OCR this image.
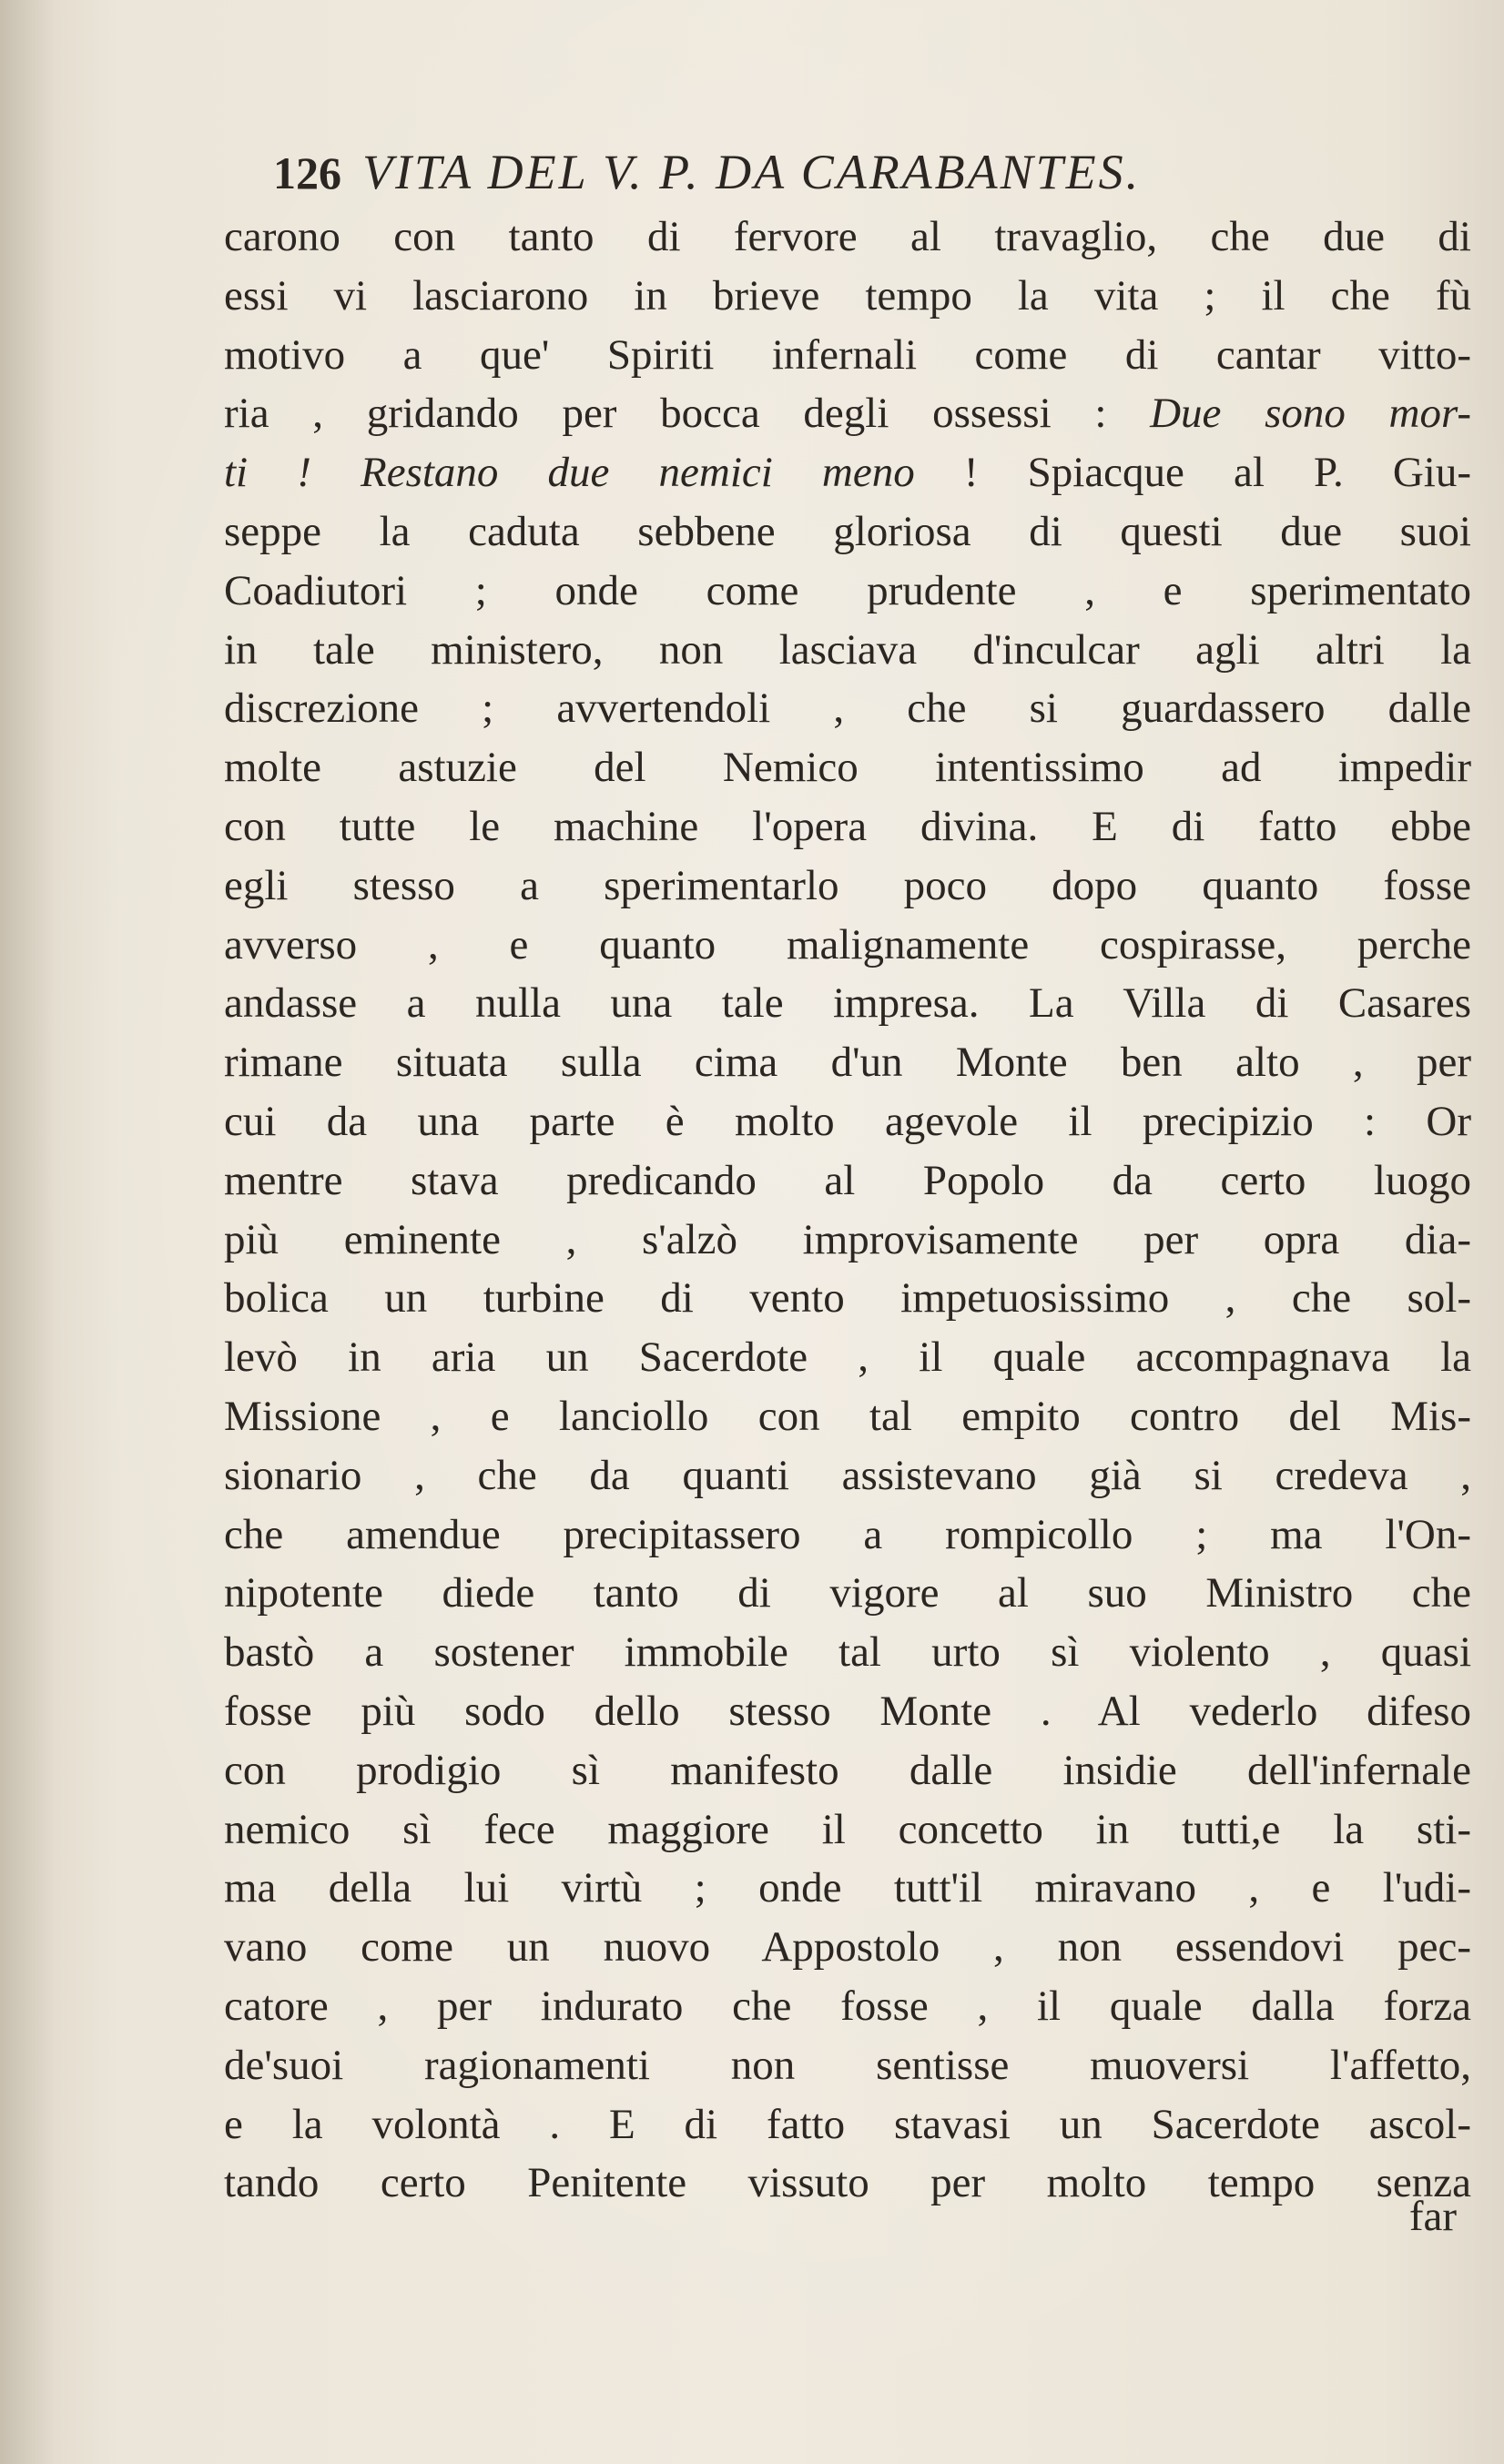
126 VITA DEL V. P. DA CARABANTES.
carono con tanto di fervore al travaglio, che due di
essi vi lasciarono in brieve tempo la vita ; il che fù
motivo a que' Spiriti infernali come di cantar vitto-
ria , gridando per bocca degli ossessi : Due sono mor-
ti ! Restano due nemici meno ! Spiacque al P. Giu-
seppe la caduta sebbene gloriosa di questi due suoi
Coadiutori ; onde come prudente , e sperimentato
in tale ministero, non lasciava d'inculcar agli altri la
discrezione ; avvertendoli , che si guardassero dalle
molte astuzie del Nemico intentissimo ad impedir
con tutte le machine l'opera divina. E di fatto ebbe
egli stesso a sperimentarlo poco dopo quanto fosse
avverso , e quanto malignamente cospirasse, perche
andasse a nulla una tale impresa. La Villa di Casares
rimane situata sulla cima d'un Monte ben alto , per
cui da una parte è molto agevole il precipizio : Or
mentre stava predicando al Popolo da certo luogo
più eminente , s'alzò improvisamente per opra dia-
bolica un turbine di vento impetuosissimo , che sol-
levò in aria un Sacerdote , il quale accompagnava la
Missione , e lanciollo con tal empito contro del Mis-
sionario , che da quanti assistevano già si credeva ,
che amendue precipitassero a rompicollo ; ma l'On-
nipotente diede tanto di vigore al suo Ministro che
bastò a sostener immobile tal urto sì violento , quasi
fosse più sodo dello stesso Monte . Al vederlo difeso
con prodigio sì manifesto dalle insidie dell'infernale
nemico sì fece maggiore il concetto in tutti,e la sti-
ma della lui virtù ; onde tutt'il miravano , e l'udi-
vano come un nuovo Appostolo , non essendovi pec-
catore , per indurato che fosse , il quale dalla forza
de'suoi ragionamenti non sentisse muoversi l'affetto,
e la volontà . E di fatto stavasi un Sacerdote ascol-
tando certo Penitente vissuto per molto tempo senza
far
